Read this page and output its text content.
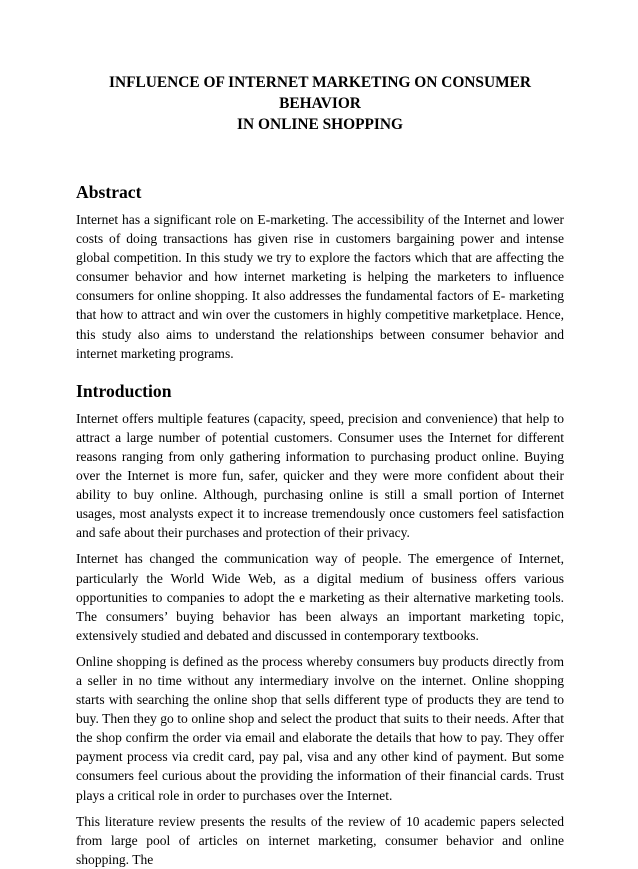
INFLUENCE OF INTERNET MARKETING ON CONSUMER BEHAVIOR
IN ONLINE SHOPPING
Abstract

Internet has a significant role on E-marketing. The accessibility of the Internet and lower costs of doing transactions has given rise in customers bargaining power and intense global competition. In this study we try to explore the factors which that are affecting the consumer behavior and how internet marketing is helping the marketers to influence consumers for online shopping. It also addresses the fundamental factors of E- marketing that how to attract and win over the customers in highly competitive marketplace. Hence, this study also aims to understand the relationships between consumer behavior and internet marketing programs.

Introduction

Internet offers multiple features (capacity, speed, precision and convenience) that help to attract a large number of potential customers. Consumer uses the Internet for different reasons ranging from only gathering information to purchasing product online. Buying over the Internet is more fun, safer, quicker and they were more confident about their ability to buy online. Although, purchasing online is still a small portion of Internet usages, most analysts expect it to increase tremendously once customers feel satisfaction and safe about their purchases and protection of their privacy.

Internet has changed the communication way of people. The emergence of Internet, particularly the World Wide Web, as a digital medium of business offers various opportunities to companies to adopt the e marketing as their alternative marketing tools. The consumers’ buying behavior has been always an important marketing topic, extensively studied and debated and discussed in contemporary textbooks.

Online shopping is defined as the process whereby consumers buy products directly from a seller in no time without any intermediary involve on the internet. Online shopping starts with searching the online shop that sells different type of products they are tend to buy. Then they go to online shop and select the product that suits to their needs. After that the shop confirm the order via email and elaborate the details that how to pay. They offer payment process via credit card, pay pal, visa and any other kind of payment. But some consumers feel curious about the providing the information of their financial cards. Trust plays a critical role in order to purchases over the Internet.

This literature review presents the results of the review of 10 academic papers selected from large pool of articles on internet marketing, consumer behavior and online shopping. The
